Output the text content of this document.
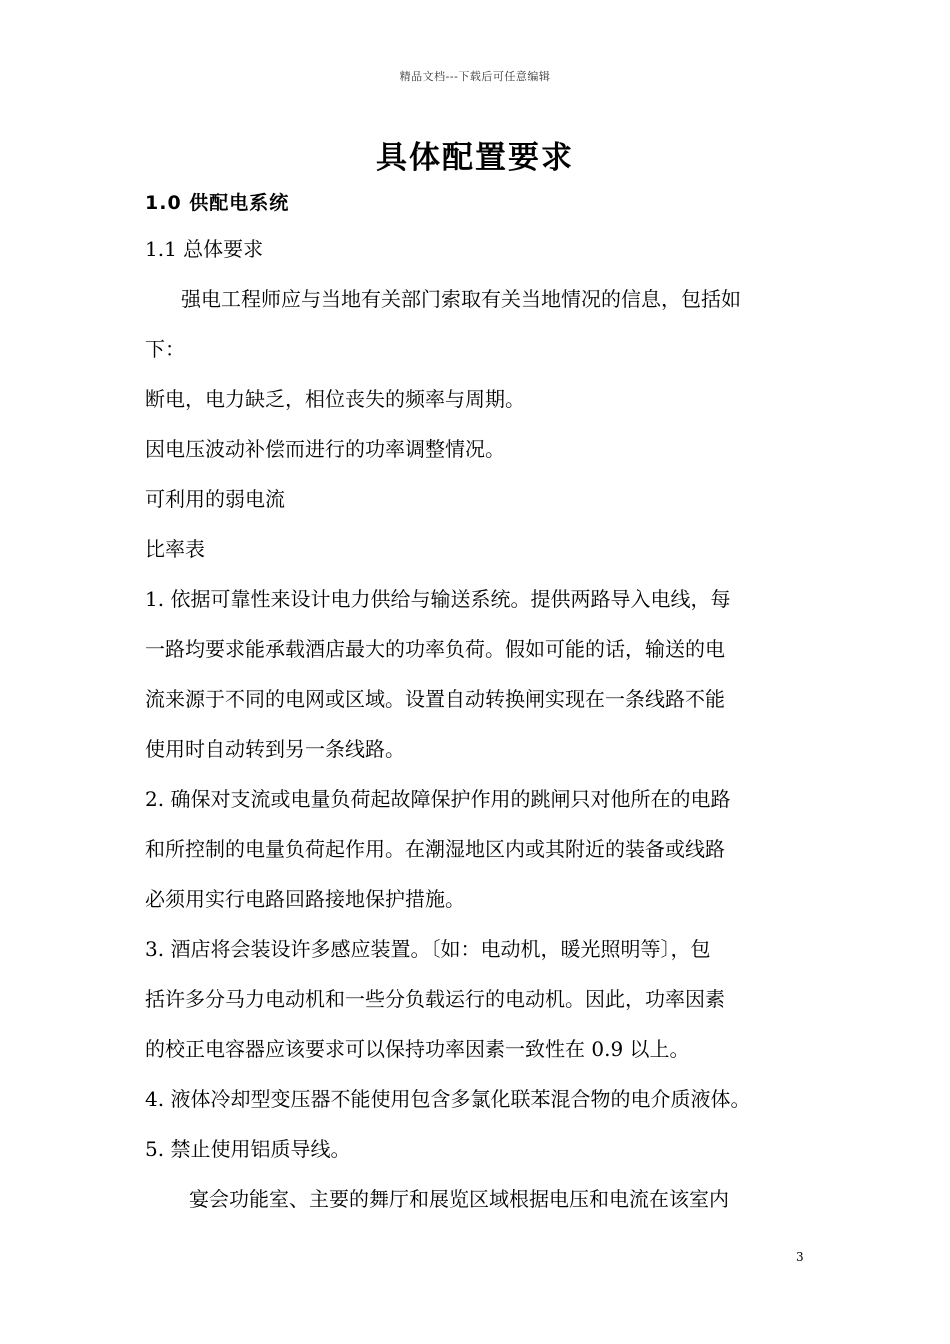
精品文档---下载后可任意编辑
具体配置要求
1.0 供配电系统
1.1 总体要求
强电工程师应与当地有关部门索取有关当地情况的信息，包括如
下：
断电，电力缺乏，相位丧失的频率与周期。
因电压波动补偿而进行的功率调整情况。
可利用的弱电流
比率表
1. 依据可靠性来设计电力供给与输送系统。提供两路导入电线，每
一路均要求能承载酒店最大的功率负荷。假如可能的话，输送的电
流来源于不同的电网或区域。设置自动转换闸实现在一条线路不能
使用时自动转到另一条线路。
2. 确保对支流或电量负荷起故障保护作用的跳闸只对他所在的电路
和所控制的电量负荷起作用。在潮湿地区内或其附近的装备或线路
必须用实行电路回路接地保护措施。
3. 酒店将会装设许多感应装置。〔如：电动机，暖光照明等〕，包
括许多分马力电动机和一些分负载运行的电动机。因此，功率因素
的校正电容器应该要求可以保持功率因素一致性在 0.9 以上。
4. 液体冷却型变压器不能使用包含多氯化联苯混合物的电介质液体。
5. 禁止使用铝质导线。
宴会功能室、主要的舞厅和展览区域根据电压和电流在该室内
3
